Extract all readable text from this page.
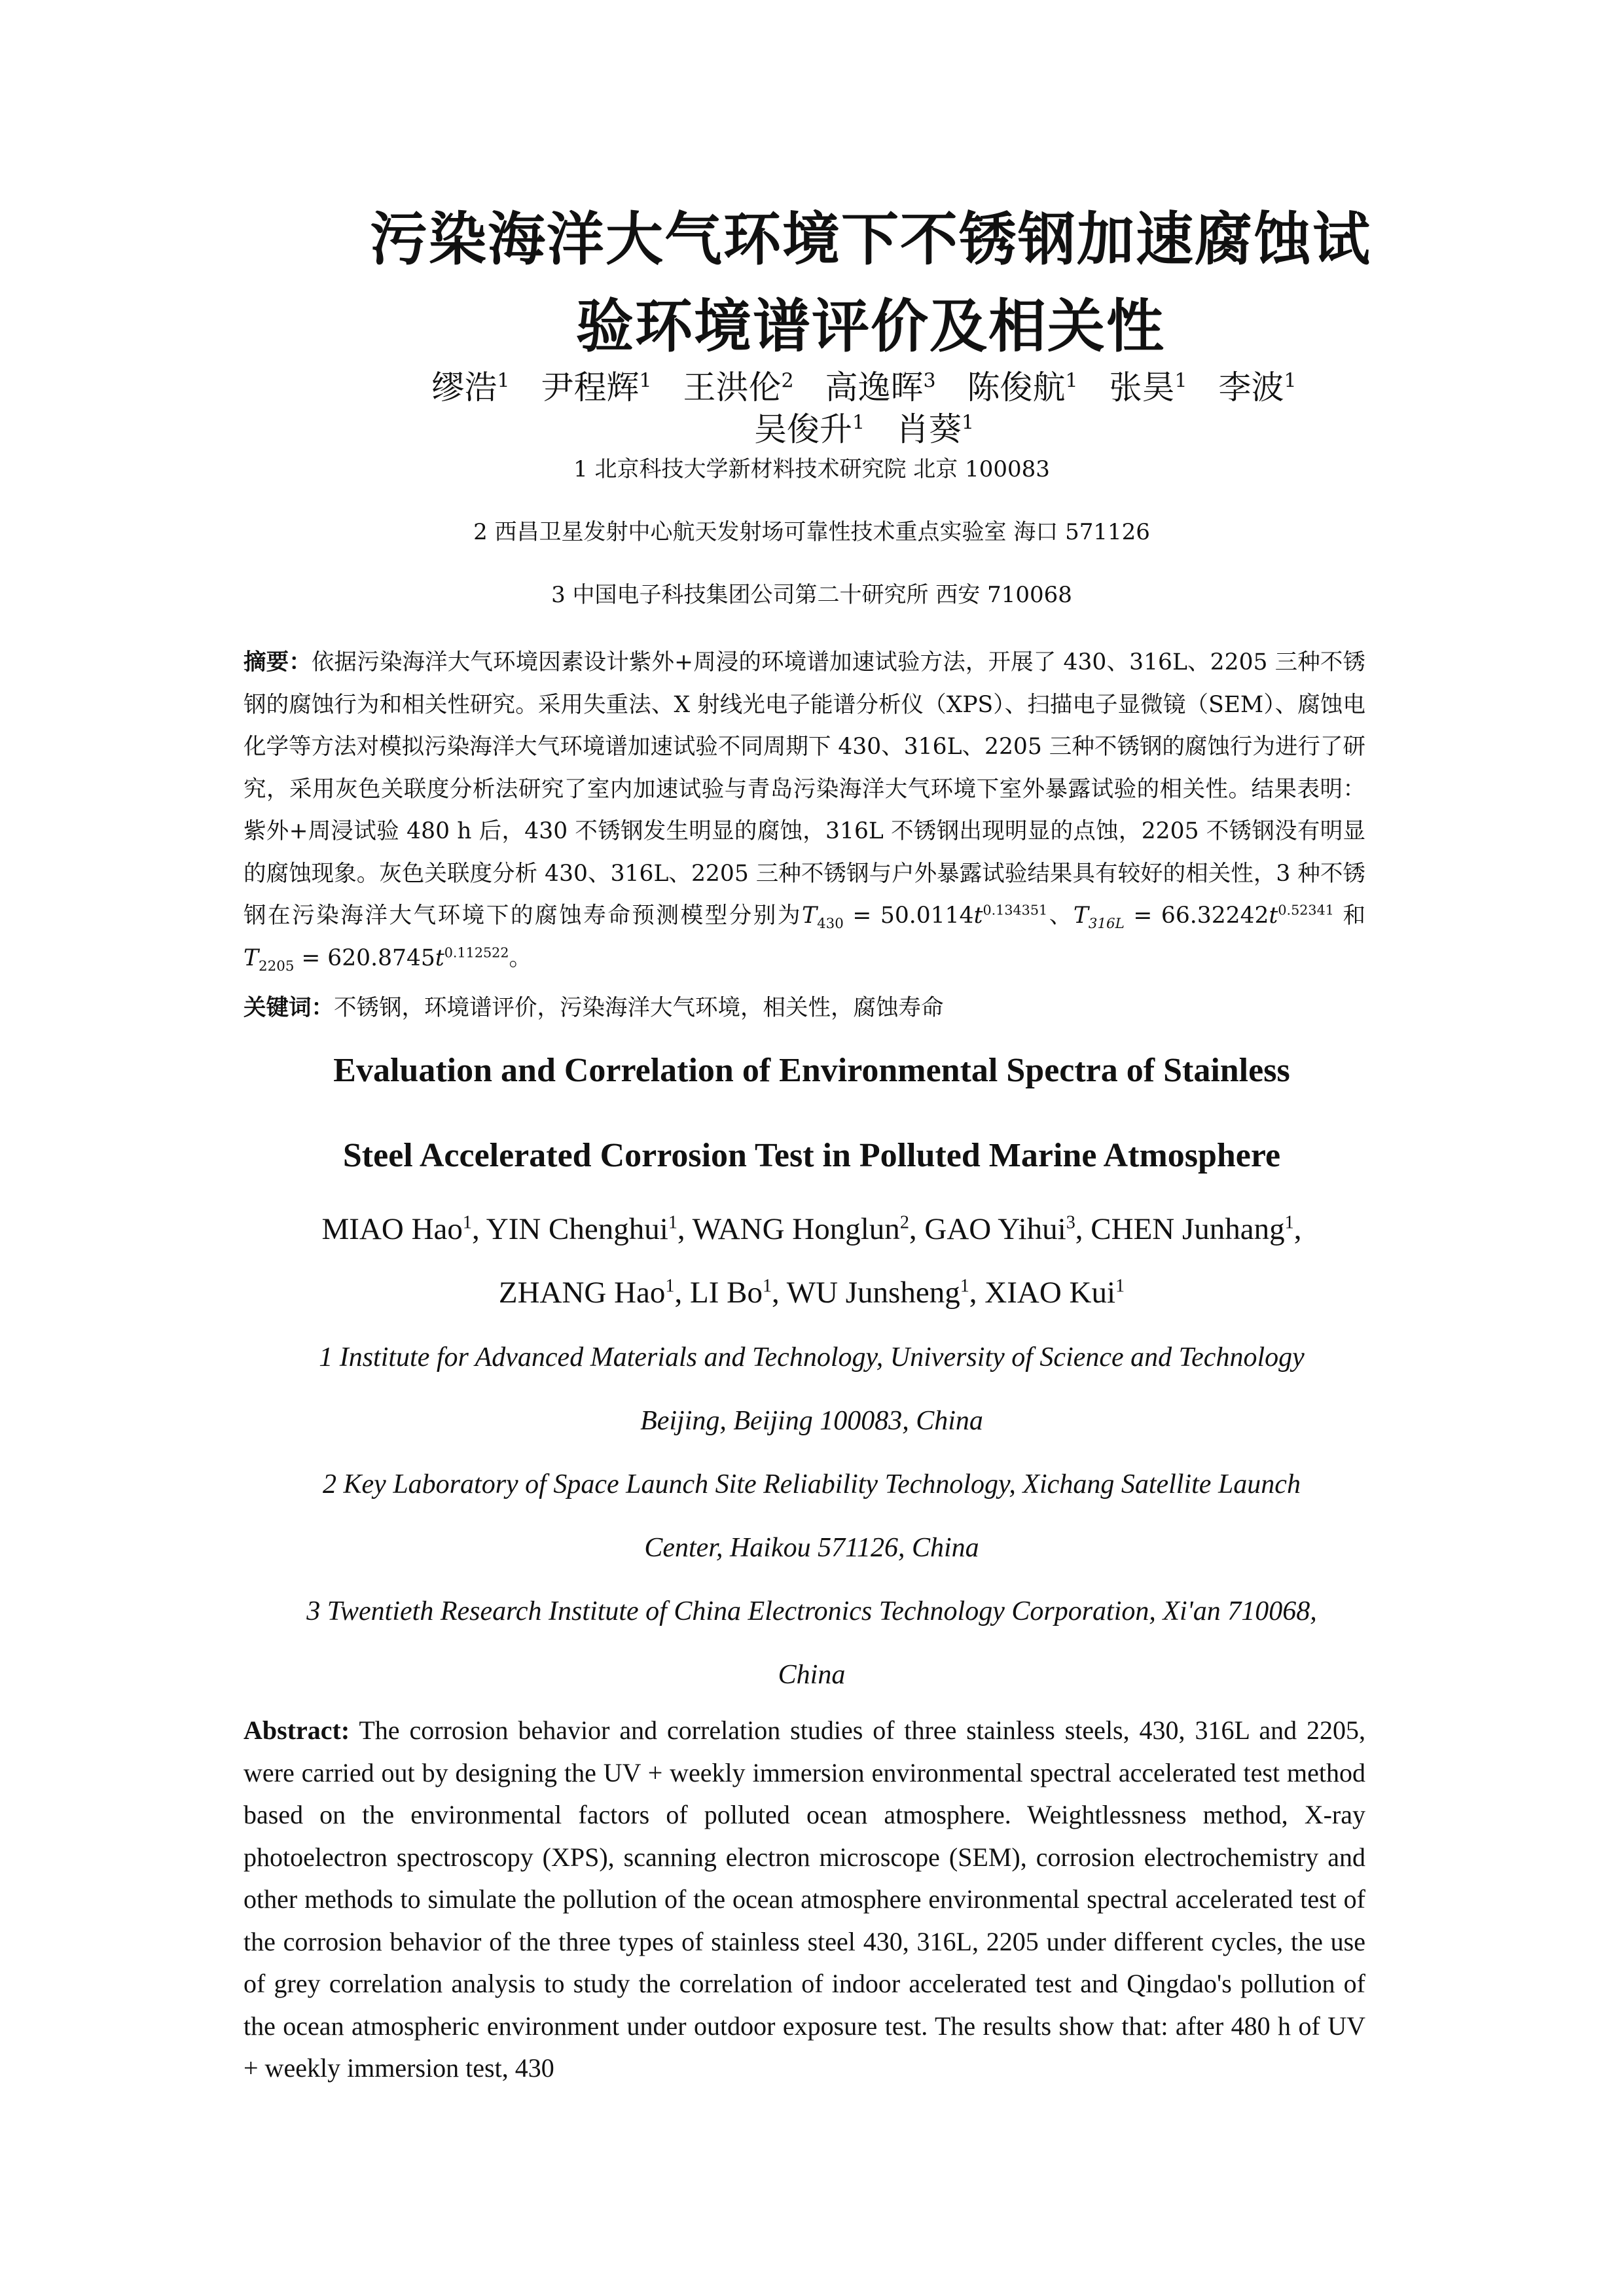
污染海洋大气环境下不锈钢加速腐蚀试
验环境谱评价及相关性
缪浩$^1$ 尹程辉$^1$ 王洪伦$^2$ 高逸晖$^3$ 陈俊航$^1$ 张昊$^1$ 李波$^1$ 吴俊升$^1$ 肖葵$^1$
1 北京科技大学新材料技术研究院 北京 100083
2 西昌卫星发射中心航天发射场可靠性技术重点实验室 海口 571126
3 中国电子科技集团公司第二十研究所 西安 710068
摘要：依据污染海洋大气环境因素设计紫外+周浸的环境谱加速试验方法，开展了 430、316L、2205 三种不锈钢的腐蚀行为和相关性研究。采用失重法、X 射线光电子能谱分析仪（XPS）、扫描电子显微镜（SEM）、腐蚀电化学等方法对模拟污染海洋大气环境谱加速试验不同周期下 430、316L、2205 三种不锈钢的腐蚀行为进行了研究，采用灰色关联度分析法研究了室内加速试验与青岛污染海洋大气环境下室外暴露试验的相关性。结果表明：紫外+周浸试验 480 h 后，430 不锈钢发生明显的腐蚀，316L 不锈钢出现明显的点蚀，2205 不锈钢没有明显的腐蚀现象。灰色关联度分析 430、316L、2205 三种不锈钢与户外暴露试验结果具有较好的相关性，3 种不锈钢在污染海洋大气环境下的腐蚀寿命预测模型分别为$T_{430} = 50.0114t^{0.134351}$、$T_{316L} = 66.32242t^{0.52341}$ 和$T_{2205} = 620.8745t^{0.112522}$。
关键词：不锈钢，环境谱评价，污染海洋大气环境，相关性，腐蚀寿命
Evaluation and Correlation of Environmental Spectra of Stainless
Steel Accelerated Corrosion Test in Polluted Marine Atmosphere
MIAO Hao$^1$, YIN Chenghui$^1$, WANG Honglun$^2$, GAO Yihui$^3$, CHEN Junhang$^1$,
ZHANG Hao$^1$, LI Bo$^1$, WU Junsheng$^1$, XIAO Kui$^1$
1 Institute for Advanced Materials and Technology, University of Science and Technology
Beijing, Beijing 100083, China
2 Key Laboratory of Space Launch Site Reliability Technology, Xichang Satellite Launch
Center, Haikou 571126, China
3 Twentieth Research Institute of China Electronics Technology Corporation, Xi'an 710068,
China
Abstract: The corrosion behavior and correlation studies of three stainless steels, 430, 316L and 2205, were carried out by designing the UV + weekly immersion environmental spectral accelerated test method based on the environmental factors of polluted ocean atmosphere. Weightlessness method, X-ray photoelectron spectroscopy (XPS), scanning electron microscope (SEM), corrosion electrochemistry and other methods to simulate the pollution of the ocean atmosphere environmental spectral accelerated test of the corrosion behavior of the three types of stainless steel 430, 316L, 2205 under different cycles, the use of grey correlation analysis to study the correlation of indoor accelerated test and Qingdao's pollution of the ocean atmospheric environment under outdoor exposure test. The results show that: after 480 h of UV + weekly immersion test, 430
